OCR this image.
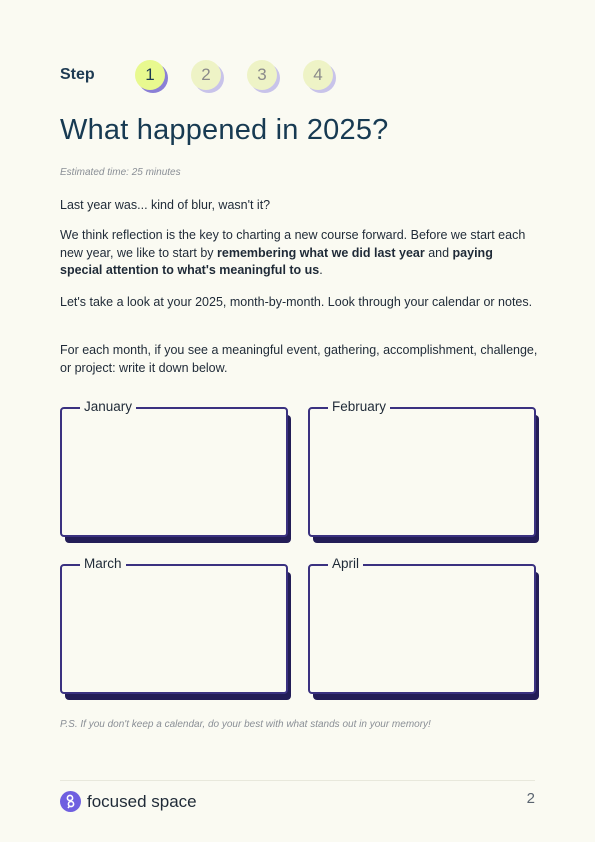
Step	1	2	3	4
What happened in 2025?
Estimated time: 25 minutes

Last year was... kind of blur, wasn't it?

We think reflection is the key to charting a new course forward. Before we start each new year, we like to start by remembering what we did last year and paying special attention to what's meaningful to us.

Let's take a look at your 2025, month-by-month. Look through your calendar or notes.

For each month, if you see a meaningful event, gathering, accomplishment, challenge, or project: write it down below.

January	February
March	April
P.S. If you don't keep a calendar, do your best with what stands out in your memory!
focused space	2
